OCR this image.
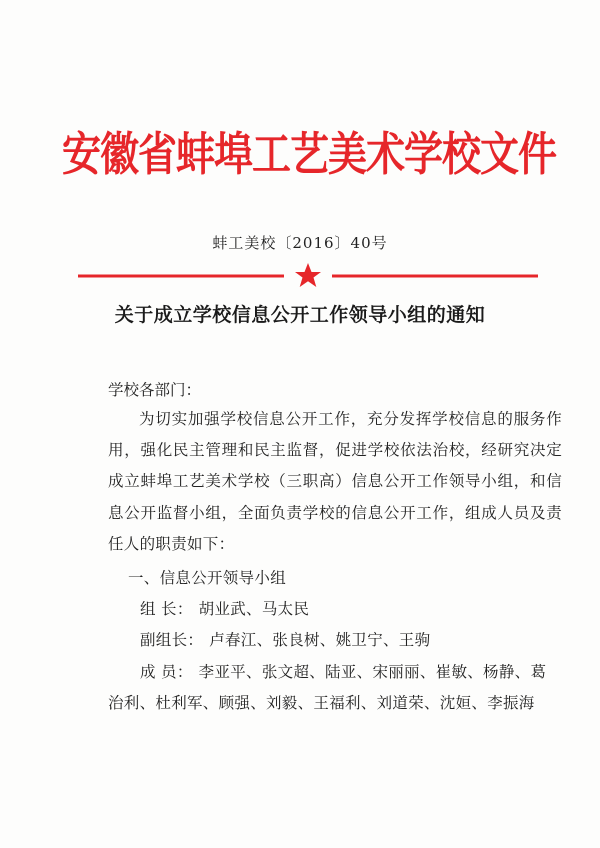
安徽省蚌埠工艺美术学校文件
蚌工美校〔2016〕40号
关于成立学校信息公开工作领导小组的通知
学校各部门：
为切实加强学校信息公开工作，充分发挥学校信息的服务作用，强化民主管理和民主监督，促进学校依法治校，经研究决定成立蚌埠工艺美术学校（三职高）信息公开工作领导小组，和信息公开监督小组，全面负责学校的信息公开工作，组成人员及责任人的职责如下：
一、信息公开领导小组
组 长： 胡业武、马太民
副组长： 卢春江、张良树、姚卫宁、王驹
成 员： 李亚平、张文超、陆亚、宋丽丽、崔敏、杨静、葛
治利、杜利军、顾强、刘毅、王福利、刘道荣、沈姮、李振海
